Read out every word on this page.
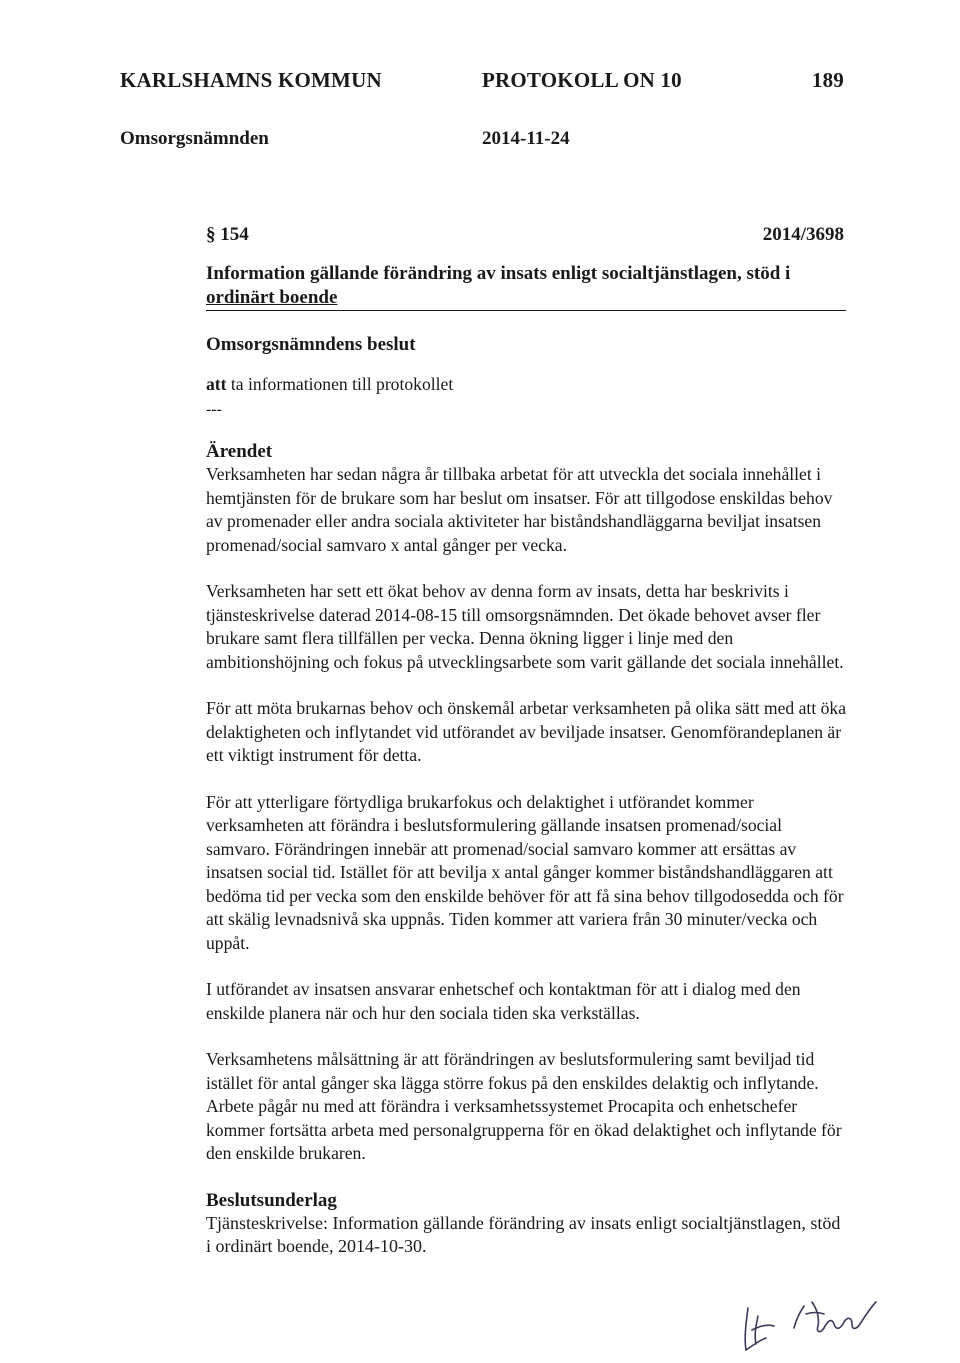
KARLSHAMNS KOMMUN	PROTOKOLL ON 10	189
Omsorgsnämnden	2014-11-24
§ 154	2014/3698
Information gällande förändring av insats enligt socialtjänstlagen, stöd i
ordinärt boende
Omsorgsnämndens beslut

att ta informationen till protokollet

---
Ärendet

Verksamheten har sedan några år tillbaka arbetat för att utveckla det sociala innehållet i hemtjänsten för de brukare som har beslut om insatser. För att tillgodose enskildas behov av promenader eller andra sociala aktiviteter har biståndshandläggarna beviljat insatsen promenad/social samvaro x antal gånger per vecka.

Verksamheten har sett ett ökat behov av denna form av insats, detta har beskrivits i tjänsteskrivelse daterad 2014-08-15 till omsorgsnämnden. Det ökade behovet avser fler brukare samt flera tillfällen per vecka. Denna ökning ligger i linje med den ambitionshöjning och fokus på utvecklingsarbete som varit gällande det sociala innehållet.

För att möta brukarnas behov och önskemål arbetar verksamheten på olika sätt med att öka delaktigheten och inflytandet vid utförandet av beviljade insatser. Genomförandeplanen är ett viktigt instrument för detta.

För att ytterligare förtydliga brukarfokus och delaktighet i utförandet kommer verksamheten att förändra i beslutsformulering gällande insatsen promenad/social samvaro. Förändringen innebär att promenad/social samvaro kommer att ersättas av insatsen social tid. Istället för att bevilja x antal gånger kommer biståndshandläggaren att bedöma tid per vecka som den enskilde behöver för att få sina behov tillgodosedda och för att skälig levnadsnivå ska uppnås. Tiden kommer att variera från 30 minuter/vecka och uppåt.

I utförandet av insatsen ansvarar enhetschef och kontaktman för att i dialog med den enskilde planera när och hur den sociala tiden ska verkställas.

Verksamhetens målsättning är att förändringen av beslutsformulering samt beviljad tid istället för antal gånger ska lägga större fokus på den enskildes delaktig och inflytande. Arbete pågår nu med att förändra i verksamhetssystemet Procapita och enhetschefer kommer fortsätta arbeta med personalgrupperna för en ökad delaktighet och inflytande för den enskilde brukaren.

Beslutsunderlag

Tjänsteskrivelse: Information gällande förändring av insats enligt socialtjänstlagen, stöd i ordinärt boende, 2014-10-30.
